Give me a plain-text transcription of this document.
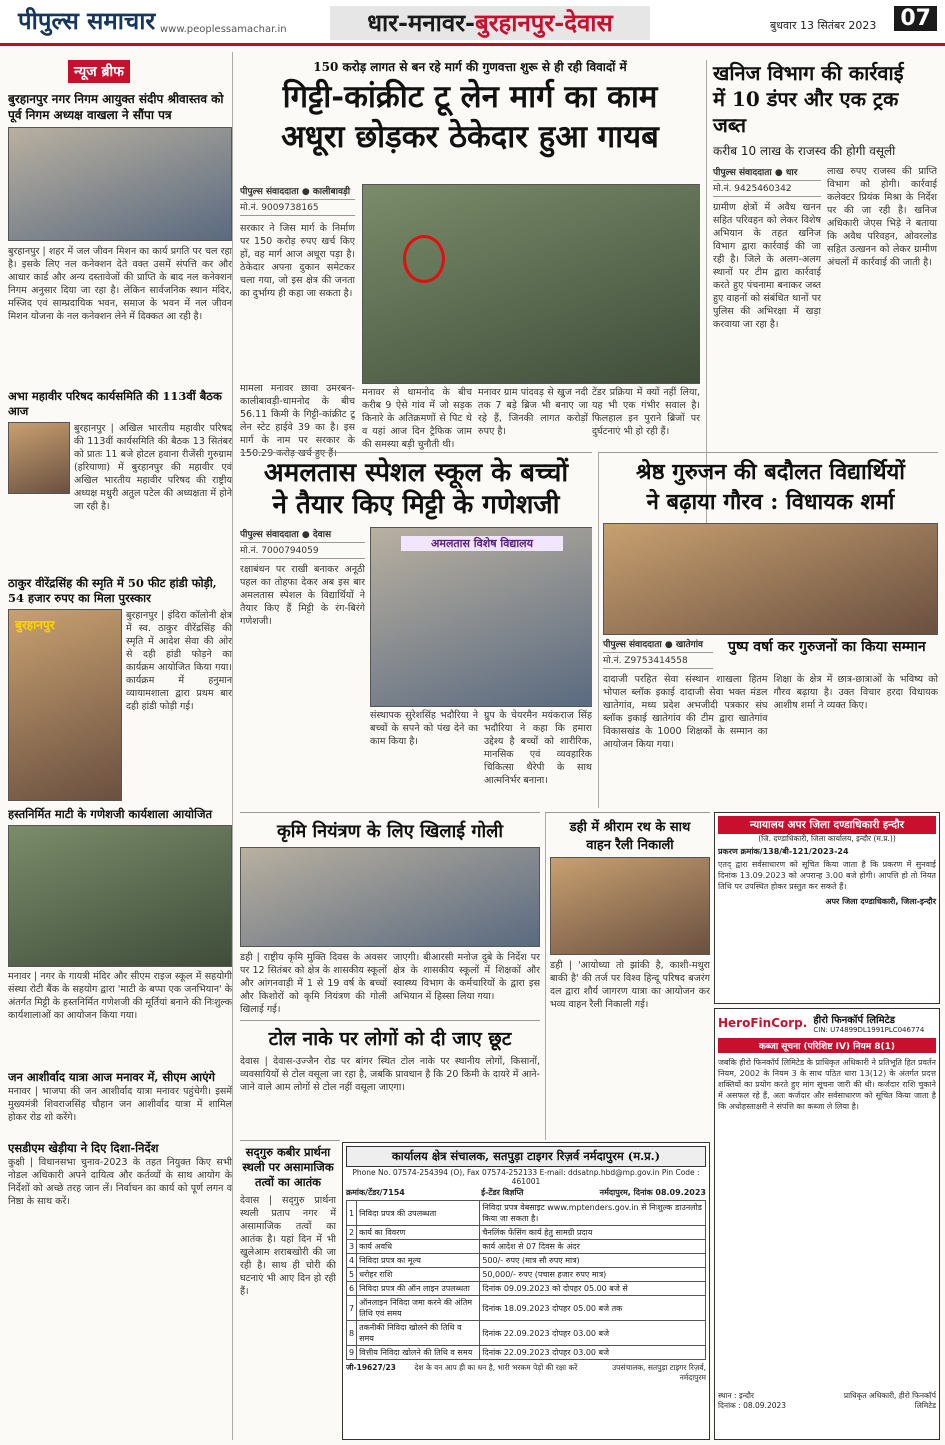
पीपुल्स समाचार www.peoplessamachar.in	धार-मनावर-बुरहानपुर-देवास	बुधवार 13 सितंबर 2023 07
न्यूज ब्रीफ
बुरहानपुर नगर निगम आयुक्त संदीप श्रीवास्तव को पूर्व निगम अध्यक्ष वाखला ने सौंपा पत्र
बुरहानपुर | शहर में जल जीवन मिशन का कार्य प्रगति पर चल रहा है। इसके लिए नल कनेक्शन देते वक्त उसमें संपत्ति कर और आधार कार्ड और अन्य दस्तावेजों की प्राप्ति के बाद नल कनेक्शन निगम अनुसार दिया जा रहा है। लेकिन सार्वजनिक स्थान मंदिर, मस्जिद एवं साम्प्रदायिक भवन, समाज के भवन में नल जीवन मिशन योजना के नल कनेक्शन लेने में दिक्कत आ रही है।
अभा महावीर परिषद कार्यसमिति की 113वीं बैठक आज
बुरहानपुर | अखिल भारतीय महावीर परिषद की 113वीं कार्यसमिति की बैठक 13 सितंबर को प्रातः 11 बजे होटल हवाना रीजेंसी गुरुग्राम (हरियाणा) में बुरहानपुर की महावीर एवं अखिल भारतीय महावीर परिषद की राष्ट्रीय अध्यक्ष मधुरी अतुल पटेल की अध्यक्षता में होने जा रही है।
ठाकुर वीरेंद्रसिंह की स्मृति में 50 फीट हांडी फोड़ी, 54 हजार रुपए का मिला पुरस्कार
बुरहानपुर
बुरहानपुर | इंदिरा कॉलोनी क्षेत्र में स्व. ठाकुर वीरेंद्रसिंह की स्मृति में आदेश सेवा की ओर से दही हांडी फोड़ने का कार्यक्रम आयोजित किया गया। कार्यक्रम में हनुमान व्यायामशाला द्वारा प्रथम बार दही हांडी फोड़ी गई।
हस्तनिर्मित माटी के गणेशजी कार्यशाला आयोजित
मनावर | नगर के गायत्री मंदिर और सीएम राइज स्कूल में सहयोगी संस्था रोटी बैंक के सहयोग द्वारा 'माटी के बप्पा एक जनभियान' के अंतर्गत मिट्टी के हस्तनिर्मित गणेशजी की मूर्तियां बनाने की निःशुल्क कार्यशालाओं का आयोजन किया गया।
जन आशीर्वाद यात्रा आज मनावर में, सीएम आएंगे
मनावर | भाजपा की जन आशीर्वाद यात्रा मनावर पहुंचेगी। इसमें मुख्यमंत्री शिवराजसिंह चौहान जन आशीर्वाद यात्रा में शामिल होकर रोड शो करेंगे।
एसडीएम खेड़ीया ने दिए दिशा-निर्देश
कुक्षी | विधानसभा चुनाव-2023 के तहत नियुक्त किए सभी नोडल अधिकारी अपने दायित्व और कर्तव्यों के साथ आयोग के निर्देशों को अच्छे तरह जान लें। निर्वाचन का कार्य को पूर्ण लगन व निष्ठा के साथ करें।
150 करोड़ लागत से बन रहे मार्ग की गुणवत्ता शुरू से ही रही विवादों में
गिट्टी-कांक्रीट टू लेन मार्ग का काम
अधूरा छोड़कर ठेकेदार हुआ गायब
पीपुल्स संवाददाता ● कालीबावड़ी
मो.नं. 9009738165
सरकार ने जिस मार्ग के निर्माण पर 150 करोड़ रुपए खर्च किए हों, वह मार्ग आज अधूरा पड़ा है। ठेकेदार अपना दुकान समेटकर चला गया, जो इस क्षेत्र की जनता का दुर्भाग्य ही कहा जा सकता है।
मामला मनावर छावा उमरबन-कालीबावड़ी-धामनोद के बीच 56.11 किमी के गिट्टी-कांक्रीट टू लेन स्टेट हाईवे 39 का है। इस मार्ग के नाम पर सरकार के 150.29 करोड़ खर्च हुए हैं।
मनावर से धामनोद के बीच करीब 9 ऐसे गांव में जो सड़क किनारे के अतिक्रमणों से पिट थे व यहां आज दिन ट्रैफिक जाम की समस्या बड़ी चुनौती थी।
मनावर ग्राम पांदवड़ से खुज नदी तक 7 बड़े ब्रिज भी बनाए जा रहे हैं, जिनकी लागत करोड़ों रुपए है।
टेंडर प्रक्रिया में क्यों नहीं लिया, यह भी एक गंभीर सवाल है। फिलहाल इन पुराने ब्रिजों पर दुर्घटनाएं भी हो रही हैं।
खनिज विभाग की कार्रवाई
में 10 डंपर और एक ट्रक जब्त
करीब 10 लाख के राजस्व की होगी वसूली
पीपुल्स संवाददाता ● धार
मो.नं. 9425460342
ग्रामीण क्षेत्रों में अवैध खनन सहित परिवहन को लेकर विशेष अभियान के तहत खनिज विभाग द्वारा कार्रवाई की जा रही है। जिले के अलग-अलग स्थानों पर टीम द्वारा कार्रवाई करते हुए पंचनामा बनाकर जब्त हुए वाहनों को संबंधित थानों पर पुलिस की अभिरक्षा में खड़ा करवाया जा रहा है।
लाख रुपए राजस्व की प्राप्ति विभाग को होगी। कार्रवाई कलेक्टर प्रियंक मिश्रा के निर्देश पर की जा रही है। खनिज अधिकारी जेएस भिड़े ने बताया कि अवैध परिवहन, ओवरलोड सहित उत्खनन को लेकर ग्रामीण अंचलों में कार्रवाई की जाती है।
अमलतास स्पेशल स्कूल के बच्चों
ने तैयार किए मिट्टी के गणेशजी
पीपुल्स संवाददाता ● देवास
मो.नं. 7000794059
अमलतास विशेष विद्यालय
रक्षाबंधन पर राखी बनाकर अनूठी पहल का तोहफा देकर अब इस बार अमलतास स्पेशल के विद्यार्थियों ने तैयार किए हैं मिट्टी के रंग-बिरंगे गणेशजी।
संस्थापक सुरेशसिंह भदौरिया ने बच्चों के सपने को पंख देने का काम किया है।
ग्रुप के चेयरमैन मयंकराज सिंह भदौरिया ने कहा कि हमारा उद्देश्य है बच्चों को शारीरिक, मानसिक एवं व्यवहारिक चिकित्सा थैरेपी के साथ आत्मनिर्भर बनाना।
श्रेष्ठ गुरुजन की बदौलत विद्यार्थियों
ने बढ़ाया गौरव : विधायक शर्मा
पीपुल्स संवाददाता ● खातेगांव
मो.नं. Z9753414558
पुष्प वर्षा कर गुरुजनों का किया सम्मान
दादाजी परहित सेवा संस्थान शाखला हितम भोपाल ब्लॉक इकाई दादाजी सेवा भक्त मंडल खातेगांव, मध्य प्रदेश अभजीदी पत्रकार संघ ब्लॉक इकाई खातेगांव की टीम द्वारा खातेगांव विकासखंड के 1000 शिक्षकों के सम्मान का आयोजन किया गया।
शिक्षा के क्षेत्र में छात्र-छात्राओं के भविष्य को गौरव बढ़ाया है। उक्त विचार हरदा विधायक आशीष शर्मा ने व्यक्त किए।
कृमि नियंत्रण के लिए खिलाई गोली
डही | राष्ट्रीय कृमि मुक्ति दिवस के अवसर पर 12 सितंबर को क्षेत्र के शासकीय स्कूलों और आंगनवाड़ी में 1 से 19 वर्ष के बच्चों और किशोरों को कृमि नियंत्रण की गोली खिलाई गई।
जाएगी। बीआरसी मनोज दुबे के निर्देश पर क्षेत्र के शासकीय स्कूलों में शिक्षकों और स्वास्थ्य विभाग के कर्मचारियों के द्वारा इस अभियान में हिस्सा लिया गया।
डही में श्रीराम रथ के साथ
वाहन रैली निकाली
डही | 'आयोध्या तो झांकी है, काशी-मथुरा बाकी है' की तर्ज पर विश्व हिन्दू परिषद बजरंग दल द्वारा शौर्य जागरण यात्रा का आयोजन कर भव्य वाहन रैली निकाली गई।
टोल नाके पर लोगों को दी जाए छूट
देवास | देवास-उज्जैन रोड पर बांगर स्थित टोल नाके पर स्थानीय लोगों, किसानों, व्यवसायियों से टोल वसूला जा रहा है, जबकि प्रावधान है कि 20 किमी के दायरे में आने-जाने वाले आम लोगों से टोल नहीं वसूला जाएगा।
सद्‌गुरु कबीर प्रार्थना स्थली पर असामाजिक तत्वों का आतंक
देवास | सद्‌गुरु प्रार्थना स्थली प्रताप नगर में असामाजिक तत्वों का आतंक है। यहां दिन में भी खुलेआम शराबखोरी की जा रही है। साथ ही चोरी की घटनाएं भी आए दिन हो रही हैं।
कार्यालय क्षेत्र संचालक, सतपुड़ा टाइगर रिज़र्व नर्मदापुरम (म.प्र.)
Phone No. 07574-254394 (O), Fax 07574-252133 E-mail: ddsatnp.hbd@mp.gov.in Pin Code : 461001
क्रमांक/टेंडर/7154	ई-टेंडर विज्ञप्ति	नर्मदापुरम, दिनांक 08.09.2023
1	निविदा प्रपत्र की उपलब्धता	निविदा प्रपत्र वेबसाइट www.mptenders.gov.in से निःशुल्क डाउनलोड किया जा सकता है।
2	कार्य का विवरण	चैनलिंक फेंसिंग कार्य हेतु सामग्री प्रदाय
3	कार्य अवधि	कार्य आदेश से 07 दिवस के अंदर
4	निविदा प्रपत्र का मूल्य	500/- रुपए (मात्र सौ रुपए मात्र)
5	धरोहर राशि	50,000/- रुपए (पचास हजार रुपए मात्र)
6	निविदा प्रपत्र की ऑन लाइन उपलब्धता	दिनांक 09.09.2023 को दोपहर 05.00 बजे से
7	ऑनलाइन निविदा जमा करने की अंतिम तिथि एवं समय	दिनांक 18.09.2023 दोपहर 05.00 बजे तक
8	तकनीकी निविदा खोलने की तिथि व समय	दिनांक 22.09.2023 दोपहर 03.00 बजे
9	वित्तीय निविदा खोलने की तिथि व समय	दिनांक 22.09.2023 दोपहर 03.00 बजे
जी-19627/23 देश के वन आप ही का धन है, भारी भरकम पेड़ों की रक्षा करें	उपसंचालक, सतपुड़ा टाइगर रिज़र्व, नर्मदापुरम
न्यायालय अपर जिला दण्डाधिकारी इन्दौर
(जि. दण्डाधिकारी, जिला कार्यालय, इन्दौर (म.प्र.))
प्रकरण क्रमांक/138/बी-121/2023-24
एतद् द्वारा सर्वसाधारण को सूचित किया जाता है कि प्रकरण में सुनवाई दिनांक 13.09.2023 को अपरान्ह 3.00 बजे होगी। आपत्ति हो तो नियत तिथि पर उपस्थित होकर प्रस्तुत कर सकते हैं।
अपर जिला दण्डाधिकारी, जिला-इन्दौर
HeroFinCorp. हीरो फिनकॉर्प लिमिटेड
CIN: U74899DL1991PLC046774
कब्जा सूचना (परिशिष्ट IV) नियम 8(1)
जबकि हीरो फिनकॉर्प लिमिटेड के प्राधिकृत अधिकारी ने प्रतिभूति हित प्रवर्तन नियम, 2002 के नियम 3 के साथ पठित धारा 13(12) के अंतर्गत प्रदत्त शक्तियों का प्रयोग करते हुए मांग सूचना जारी की थी। कर्जदार राशि चुकाने में असफल रहे हैं, अतः कर्जदार और सर्वसाधारण को सूचित किया जाता है कि अधोहस्ताक्षरी ने संपत्ति का कब्जा ले लिया है।
स्थान : इन्दौर
दिनांक : 08.09.2023
प्राधिकृत अधिकारी, हीरो फिनकॉर्प लिमिटेड
